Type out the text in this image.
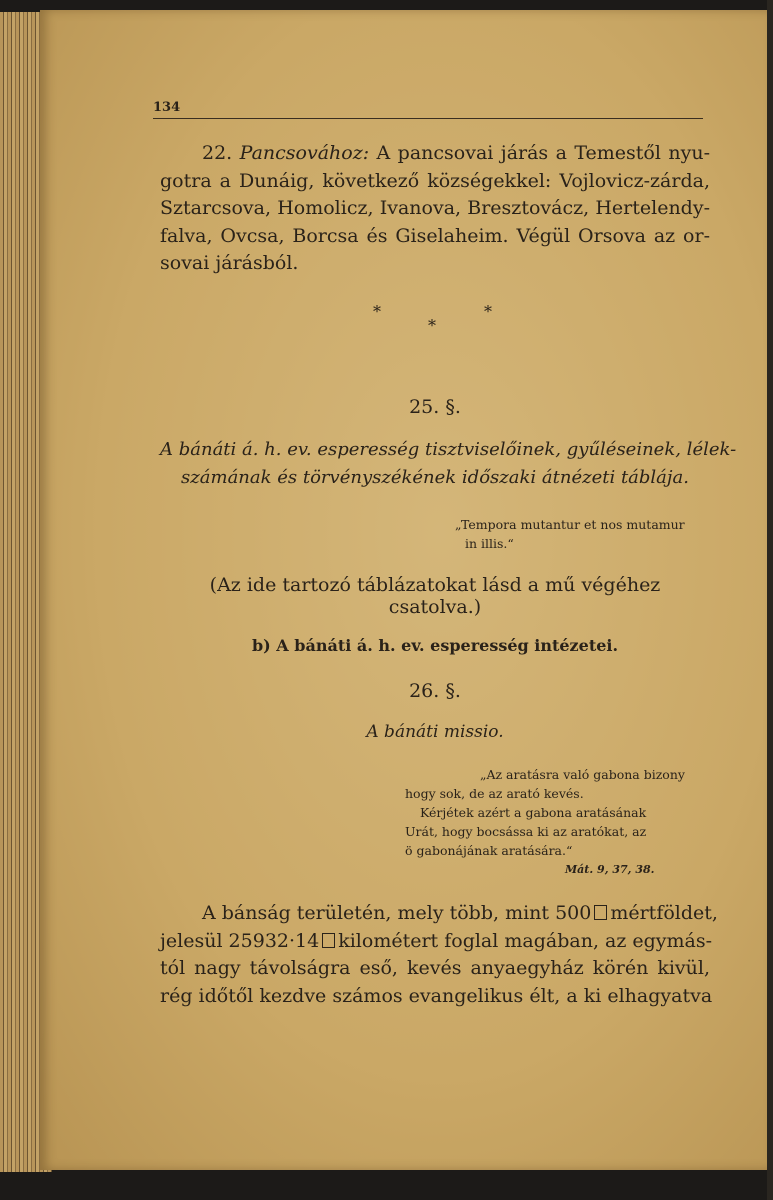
134
22. Pancsovához: A pancsovai járás a Temestől nyu-
gotra a Dunáig, következő községekkel: Vojlovicz-zárda,
Sztarcsova, Homolicz, Ivanova, Bresztovácz, Hertelendy-
falva, Ovcsa, Borcsa és Giselaheim. Végül Orsova az or-
sovai járásból.
*	*
*
25. §.
A bánáti á. h. ev. esperesség tisztviselőinek, gyűléseinek, lélek-
számának és törvényszékének időszaki átnézeti táblája.
„Tempora mutantur et nos mutamur
in illis.“
(Az ide tartozó táblázatokat lásd a mű végéhez csatolva.)
b) A bánáti á. h. ev. esperesség intézetei.
26. §.
A bánáti missio.
„Az aratásra való gabona bizony
hogy sok, de az arató kevés.
Kérjétek azért a gabona aratásának
Urát, hogy bocsássa ki az aratókat, az
ö gabonájának aratására.“
Mát. 9, 37, 38.
A bánság területén, mely több, mint 500 mértföldet,
jelesül 25932·14 kilométert foglal magában, az egymás-
tól nagy távolságra eső, kevés anyaegyház körén kivül,
rég időtől kezdve számos evangelikus élt, a ki elhagyatva
